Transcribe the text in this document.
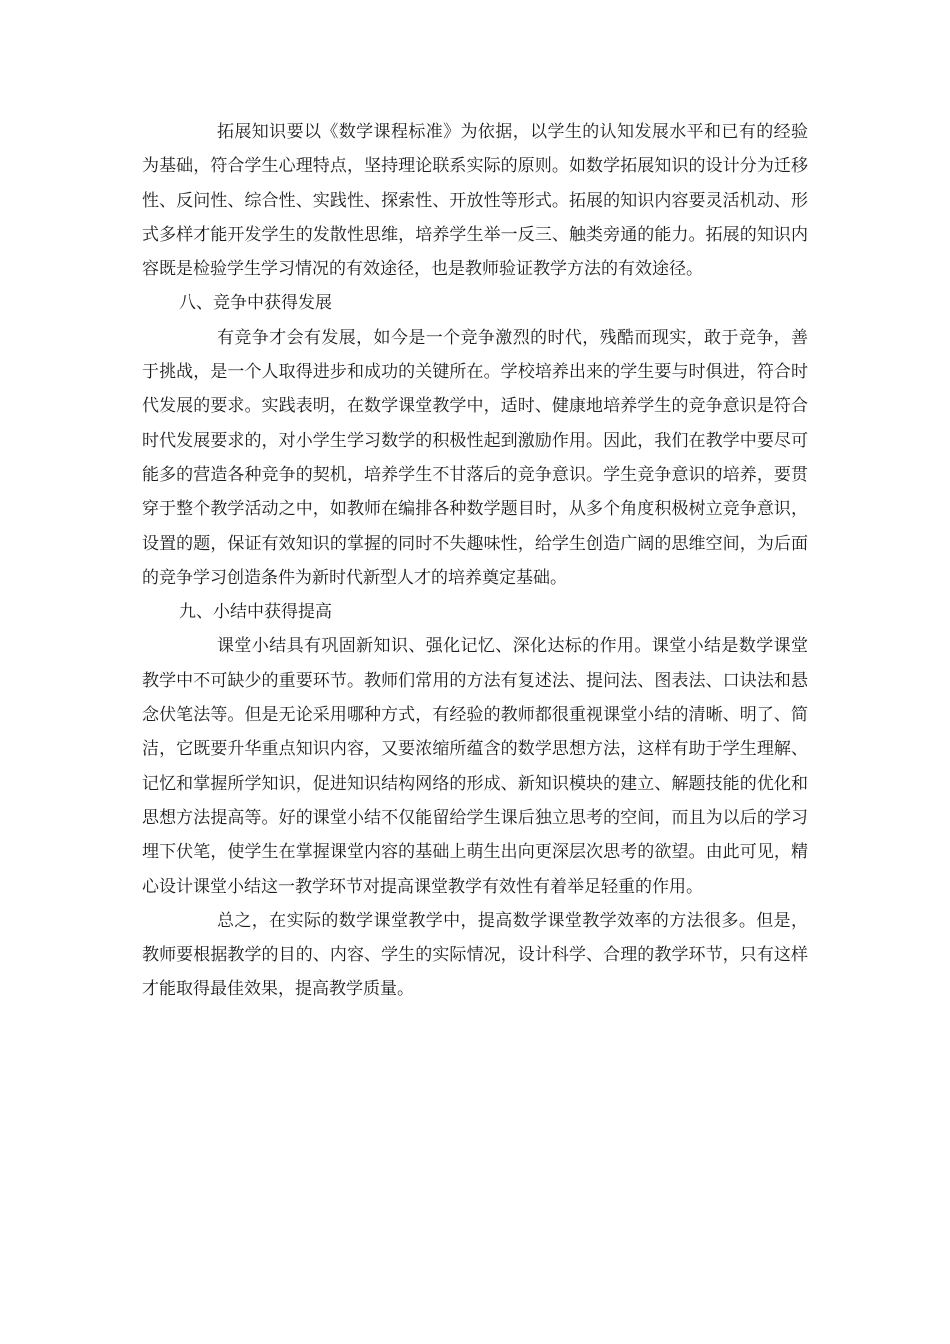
拓展知识要以《数学课程标准》为依据，以学生的认知发展水平和已有的经验为基础，符合学生心理特点，坚持理论联系实际的原则。如数学拓展知识的设计分为迁移性、反问性、综合性、实践性、探索性、开放性等形式。拓展的知识内容要灵活机动、形式多样才能开发学生的发散性思维，培养学生举一反三、触类旁通的能力。拓展的知识内容既是检验学生学习情况的有效途径，也是教师验证教学方法的有效途径。

八、竞争中获得发展

有竞争才会有发展，如今是一个竞争激烈的时代，残酷而现实，敢于竞争，善于挑战，是一个人取得进步和成功的关键所在。学校培养出来的学生要与时俱进，符合时代发展的要求。实践表明，在数学课堂教学中，适时、健康地培养学生的竞争意识是符合时代发展要求的，对小学生学习数学的积极性起到激励作用。因此，我们在教学中要尽可能多的营造各种竞争的契机，培养学生不甘落后的竞争意识。学生竞争意识的培养，要贯穿于整个教学活动之中，如教师在编排各种数学题目时，从多个角度积极树立竞争意识，设置的题，保证有效知识的掌握的同时不失趣味性，给学生创造广阔的思维空间，为后面的竞争学习创造条件为新时代新型人才的培养奠定基础。

九、小结中获得提高

课堂小结具有巩固新知识、强化记忆、深化达标的作用。课堂小结是数学课堂教学中不可缺少的重要环节。教师们常用的方法有复述法、提问法、图表法、口诀法和悬念伏笔法等。但是无论采用哪种方式，有经验的教师都很重视课堂小结的清晰、明了、简洁，它既要升华重点知识内容，又要浓缩所蕴含的数学思想方法，这样有助于学生理解、记忆和掌握所学知识，促进知识结构网络的形成、新知识模块的建立、解题技能的优化和思想方法提高等。好的课堂小结不仅能留给学生课后独立思考的空间，而且为以后的学习埋下伏笔，使学生在掌握课堂内容的基础上萌生出向更深层次思考的欲望。由此可见，精心设计课堂小结这一教学环节对提高课堂教学有效性有着举足轻重的作用。

总之，在实际的数学课堂教学中，提高数学课堂教学效率的方法很多。但是，教师要根据教学的目的、内容、学生的实际情况，设计科学、合理的教学环节，只有这样才能取得最佳效果，提高教学质量。
